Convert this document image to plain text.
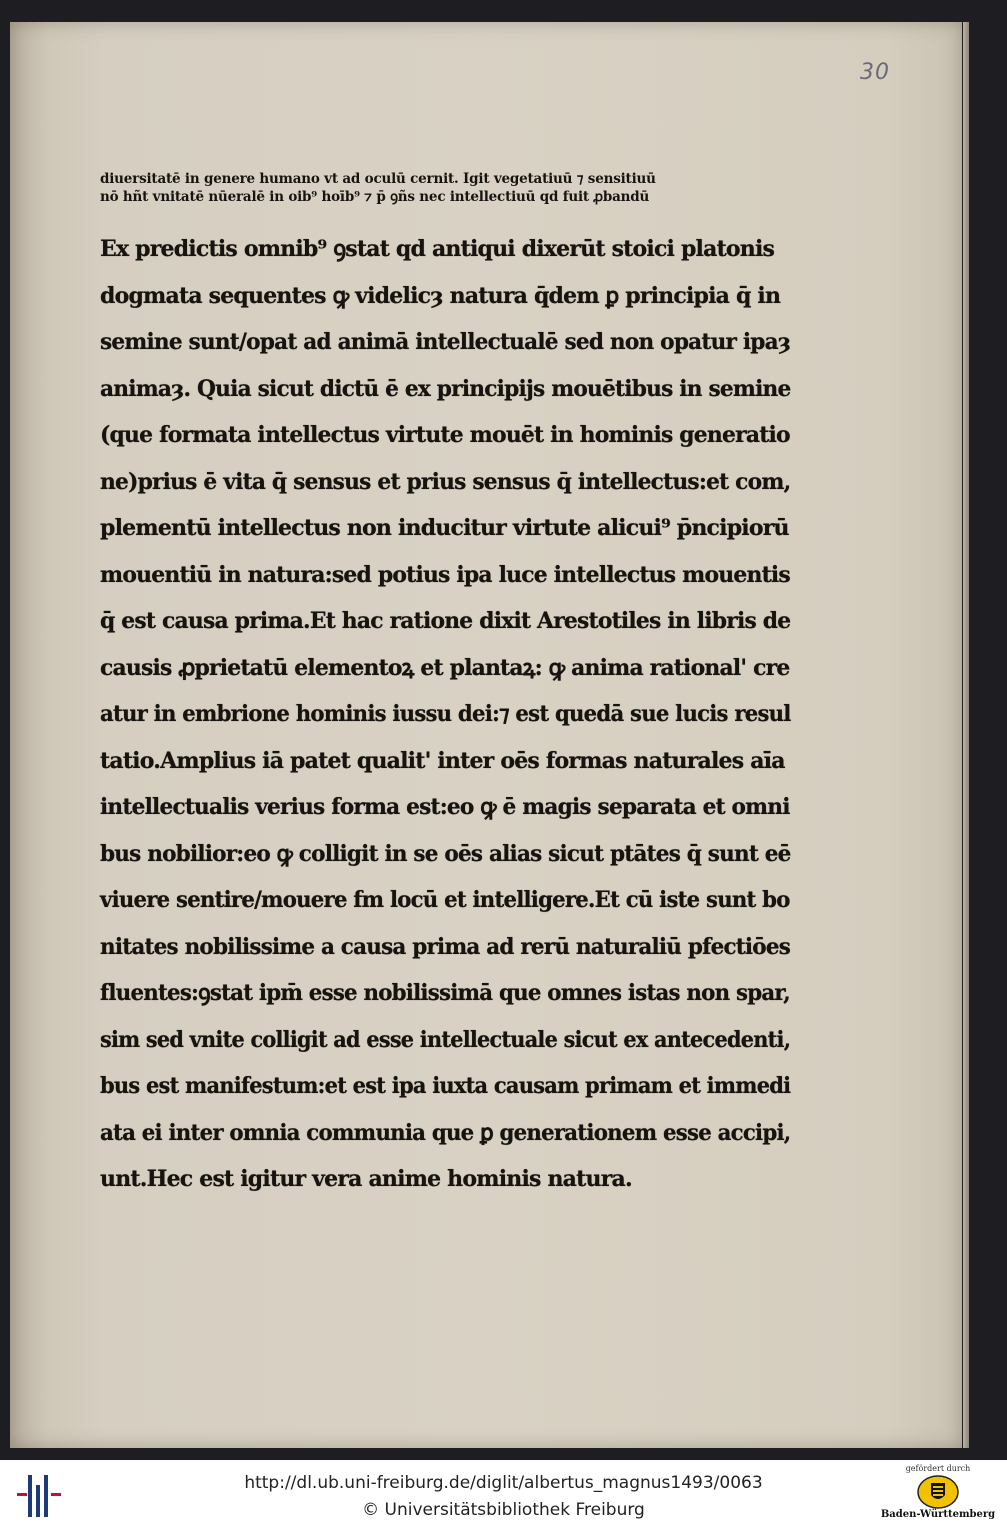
30
diuersitatē in genere humano vt ad oculū cernit. Igit vegetatiuū ⁊ sensitiuū
nō hñt vnitatē nūeralē in oib⁹ hoīb⁹ ⁊ p̄ ꝯñs nec intellectiuū qd fuit ꝓbandū
Ex predictis omnib⁹ ꝯstat qd antiqui dixerūt stoici platonis
dogmata sequentes ꝙ videlicȝ natura q̄dem ꝑ principia q̄ in
semine sunt/opat ad animā intellectualē sed non opatur ipaȝ
animaȝ. Quia sicut dictū ē ex principijs mouētibus in semine
(que formata intellectus virtute mouēt in hominis generatio
ne)prius ē vita q̄ sensus et prius sensus q̄ intellectus:et com,
plementū intellectus non inducitur virtute alicui⁹ p̄ncipiorū
mouentiū in natura:sed potius ipa luce intellectus mouentis
q̄ est causa prima.Et hac ratione dixit Arestotiles in libris de
causis ꝓprietatū elementoꝝ et plantaꝝ: ꝙ anima rational' cre
atur in embrione hominis iussu dei:⁊ est quedā sue lucis resul
tatio.Amplius iā patet qualit' inter oēs formas naturales aīa
intellectualis verius forma est:eo ꝙ ē magis separata et omni
bus nobilior:eo ꝙ colligit in se oēs alias sicut ptātes q̄ sunt eē
viuere sentire/mouere fm locū et intelligere.Et cū iste sunt bo
nitates nobilissime a causa prima ad rerū naturaliū pfectiōes
fluentes:ꝯstat ipm̄ esse nobilissimā que omnes istas non spar,
sim sed vnite colligit ad esse intellectuale sicut ex antecedenti,
bus est manifestum:et est ipa iuxta causam primam et immedi
ata ei inter omnia communia que ꝑ generationem esse accipi,
unt.Hec est igitur vera anime hominis natura.
http://dl.ub.uni-freiburg.de/diglit/albertus_magnus1493/0063
© Universitätsbibliothek Freiburg
gefördert durch
Baden-Württemberg
